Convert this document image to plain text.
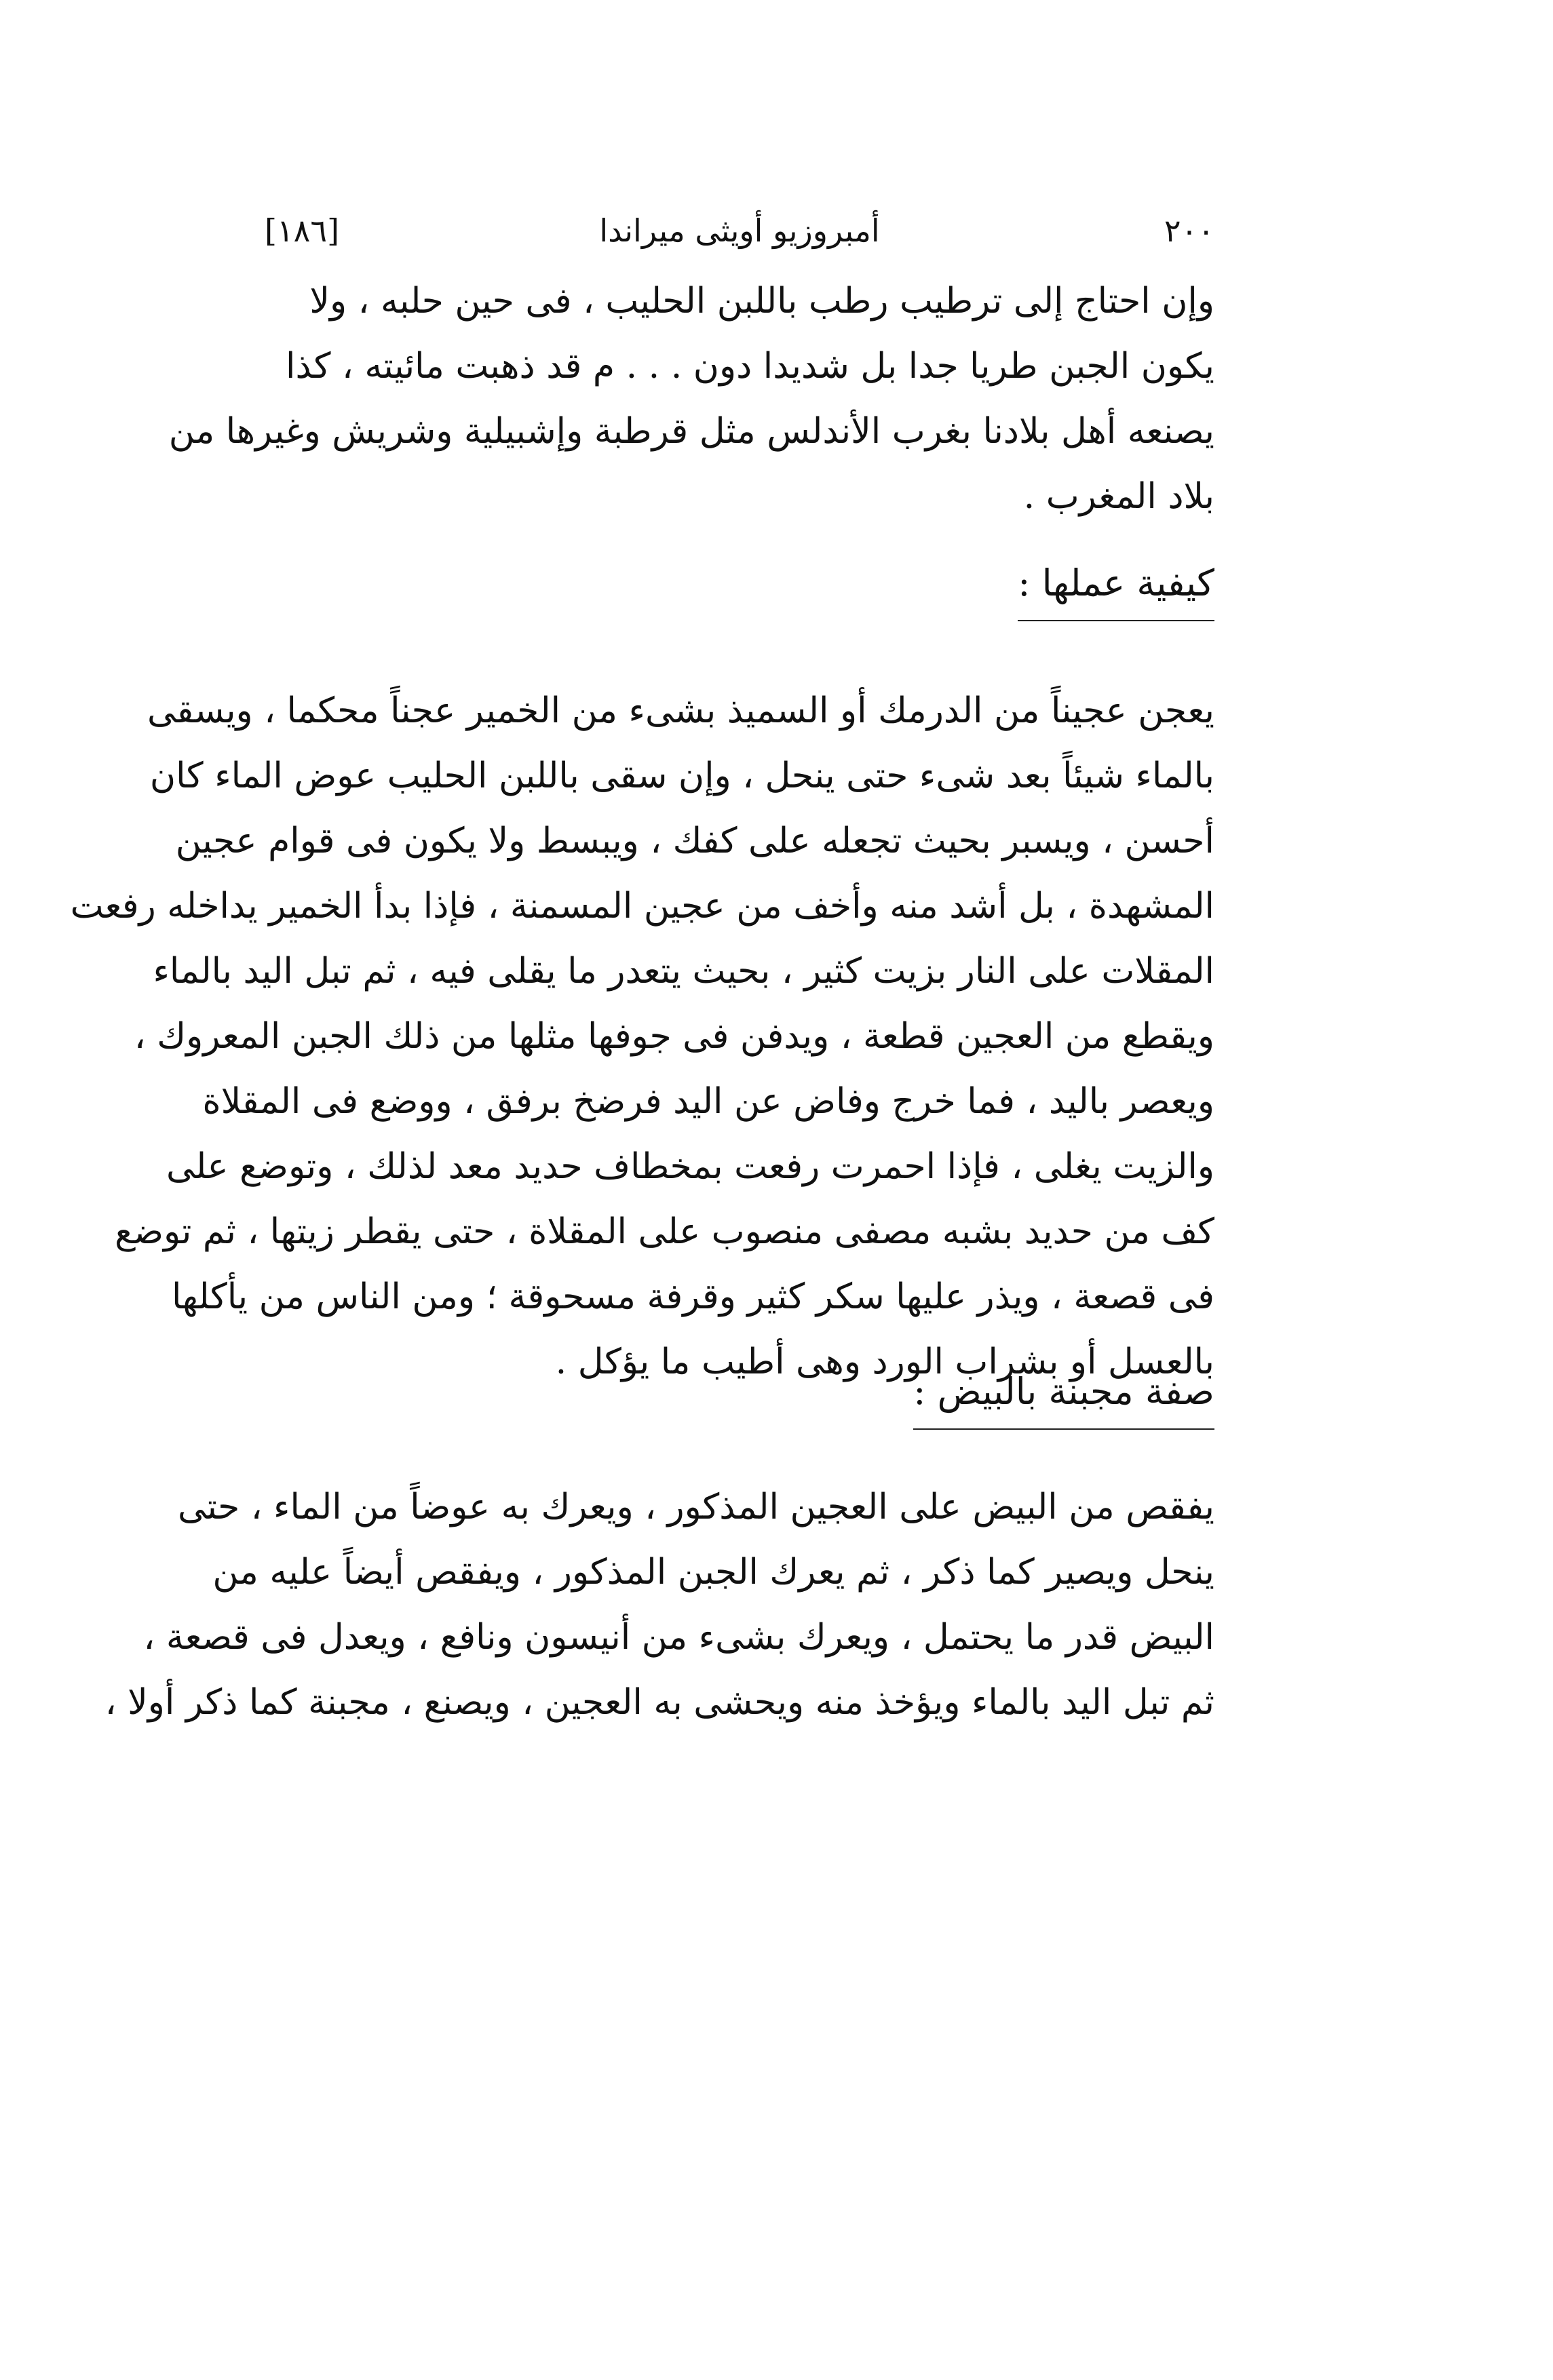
٢٠٠
أمبروزيو أويثى ميراندا
[١٨٦]
وإن احتاج إلى ترطيب رطب باللبن الحليب ، فى حين حلبه ، ولا
يكون الجبن طريا جدا بل شديدا دون . . . م قد ذهبت مائيته ، كذا
يصنعه أهل بلادنا بغرب الأندلس مثل قرطبة وإشبيلية وشريش وغيرها من
بلاد المغرب .
كيفية عملها :
يعجن عجيناً من الدرمك أو السميذ بشىء من الخمير عجناً محكما ، ويسقى
بالماء شيئاً بعد شىء حتى ينحل ، وإن سقى باللبن الحليب عوض الماء كان
أحسن ، ويسبر بحيث تجعله على كفك ، ويبسط ولا يكون فى قوام عجين
المشهدة ، بل أشد منه وأخف من عجين المسمنة ، فإذا بدأ الخمير يداخله رفعت
المقلات على النار بزيت كثير ، بحيث يتعدر ما يقلى فيه ، ثم تبل اليد بالماء
ويقطع من العجين قطعة ، ويدفن فى جوفها مثلها من ذلك الجبن المعروك ،
ويعصر باليد ، فما خرج وفاض عن اليد فرضخ برفق ، ووضع فى المقلاة
والزيت يغلى ، فإذا احمرت رفعت بمخطاف حديد معد لذلك ، وتوضع على
كف من حديد بشبه مصفى منصوب على المقلاة ، حتى يقطر زيتها ، ثم توضع
فى قصعة ، ويذر عليها سكر كثير وقرفة مسحوقة ؛ ومن الناس من يأكلها
بالعسل أو بشراب الورد وهى أطيب ما يؤكل .
صفة مجبنة بالبيض :
يفقص من البيض على العجين المذكور ، ويعرك به عوضاً من الماء ، حتى
ينحل ويصير كما ذكر ، ثم يعرك الجبن المذكور ، ويفقص أيضاً عليه من
البيض قدر ما يحتمل ، ويعرك بشىء من أنيسون ونافع ، ويعدل فى قصعة ،
ثم تبل اليد بالماء ويؤخذ منه ويحشى به العجين ، ويصنع ، مجبنة كما ذكر أولا ،
